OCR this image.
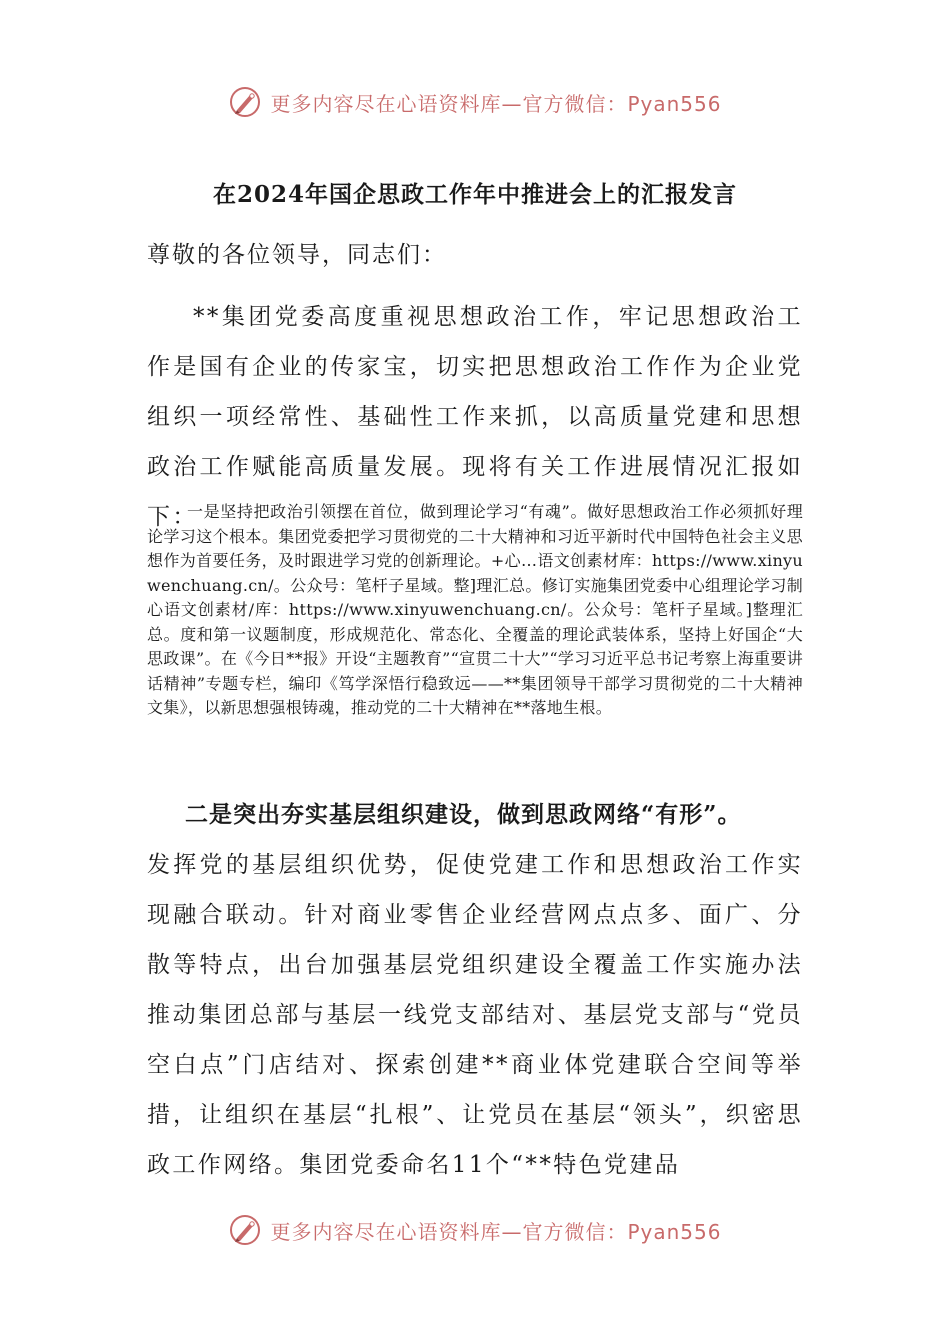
更多内容尽在心语资料库—官方微信：Pyan556
在2024年国企思政工作年中推进会上的汇报发言

尊敬的各位领导，同志们：

**集团党委高度重视思想政治工作，牢记思想政治工作是国有企业的传家宝，切实把思想政治工作作为企业党组织一项经常性、基础性工作来抓，以高质量党建和思想政治工作赋能高质量发展。现将有关工作进展情况汇报如下：

一是坚持把政治引领摆在首位，做到理论学习“有魂”。做好思想政治工作必须抓好理论学习这个根本。集团党委把学习贯彻党的二十大精神和习近平新时代中国特色社会主义思想作为首要任务，及时跟进学习党的创新理论。+心…语文创素材库：https://www.xinyuwenchuang.cn/。公众号：笔杆子星域。整]理汇总。修订实施集团党委中心组理论学习制心语文创素材/库：https://www.xinyuwenchuang.cn/。公众号：笔杆子星域。]整理汇总。度和第一议题制度，形成规范化、常态化、全覆盖的理论武装体系，坚持上好国企“大思政课”。在《今日**报》开设“主题教育”“宣贯二十大”“学习习近平总书记考察上海重要讲话精神”专题专栏，编印《笃学深悟行稳致远——**集团领导干部学习贯彻党的二十大精神文集》，以新思想强根铸魂，推动党的二十大精神在**落地生根。

二是突出夯实基层组织建设，做到思政网络“有形”。
发挥党的基层组织优势，促使党建工作和思想政治工作实现融合联动。针对商业零售企业经营网点点多、面广、分散等特点，出台加强基层党组织建设全覆盖工作实施办法推动集团总部与基层一线党支部结对、基层党支部与“党员空白点”门店结对、探索创建**商业体党建联合空间等举措，让组织在基层“扎根”、让党员在基层“领头”，织密思政工作网络。集团党委命名11个“**特色党建品

更多内容尽在心语资料库—官方微信：Pyan556
